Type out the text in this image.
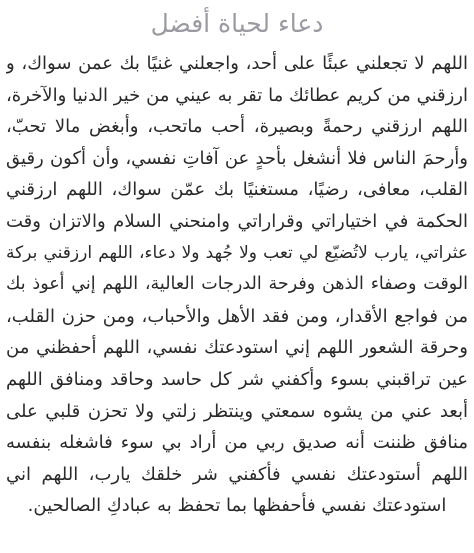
دعاء لحياة أفضل
اللهم لا تجعلني عبئًا على أحد، واجعلني غنيًا بك عمن سواك، و
ارزقني من كريم عطائك ما تقر به عيني من خير الدنيا والآخرة،
اللهم ارزقني رحمةً وبصيرة، أحب ماتحب، وأبغض مالا تحبّ،
وأرحمَ الناس فلا أنشغل بأحدٍ عن آفاتِ نفسي، وأن أكون رقيق
القلب، معافى، رضيًا، مستغنيًا بك عمّن سواك، اللهم ارزقني
الحكمة في اختياراتي وقراراتي وامنحني السلام والاتزان وقت
عثراتي، يارب لاتُضيّع لي تعب ولا جُهد ولا دعاء، اللهم ارزقني بركة
الوقت وصفاء الذهن وفرحة الدرجات العالية، اللهم إني أعوذ بك
من فواجع الأقدار، ومن فقد الأهل والأحباب، ومن حزن القلب،
وحرقة الشعور اللهم إني استودعتك نفسي، اللهم أحفظني من
عين تراقبني بسوء وأكفني شر كل حاسد وحاقد ومنافق اللهم
أبعد عني من يشوه سمعتي وينتظر زلتي ولا تحزن قلبي على
منافق ظننت أنه صديق ربي من أراد بي سوء فاشغله بنفسه
اللهم أستودعتك نفسي فأكفني شر خلقك يارب، اللهم اني
استودعتك نفسي فأحفظها بما تحفظ به عبادكِ الصالحين.
